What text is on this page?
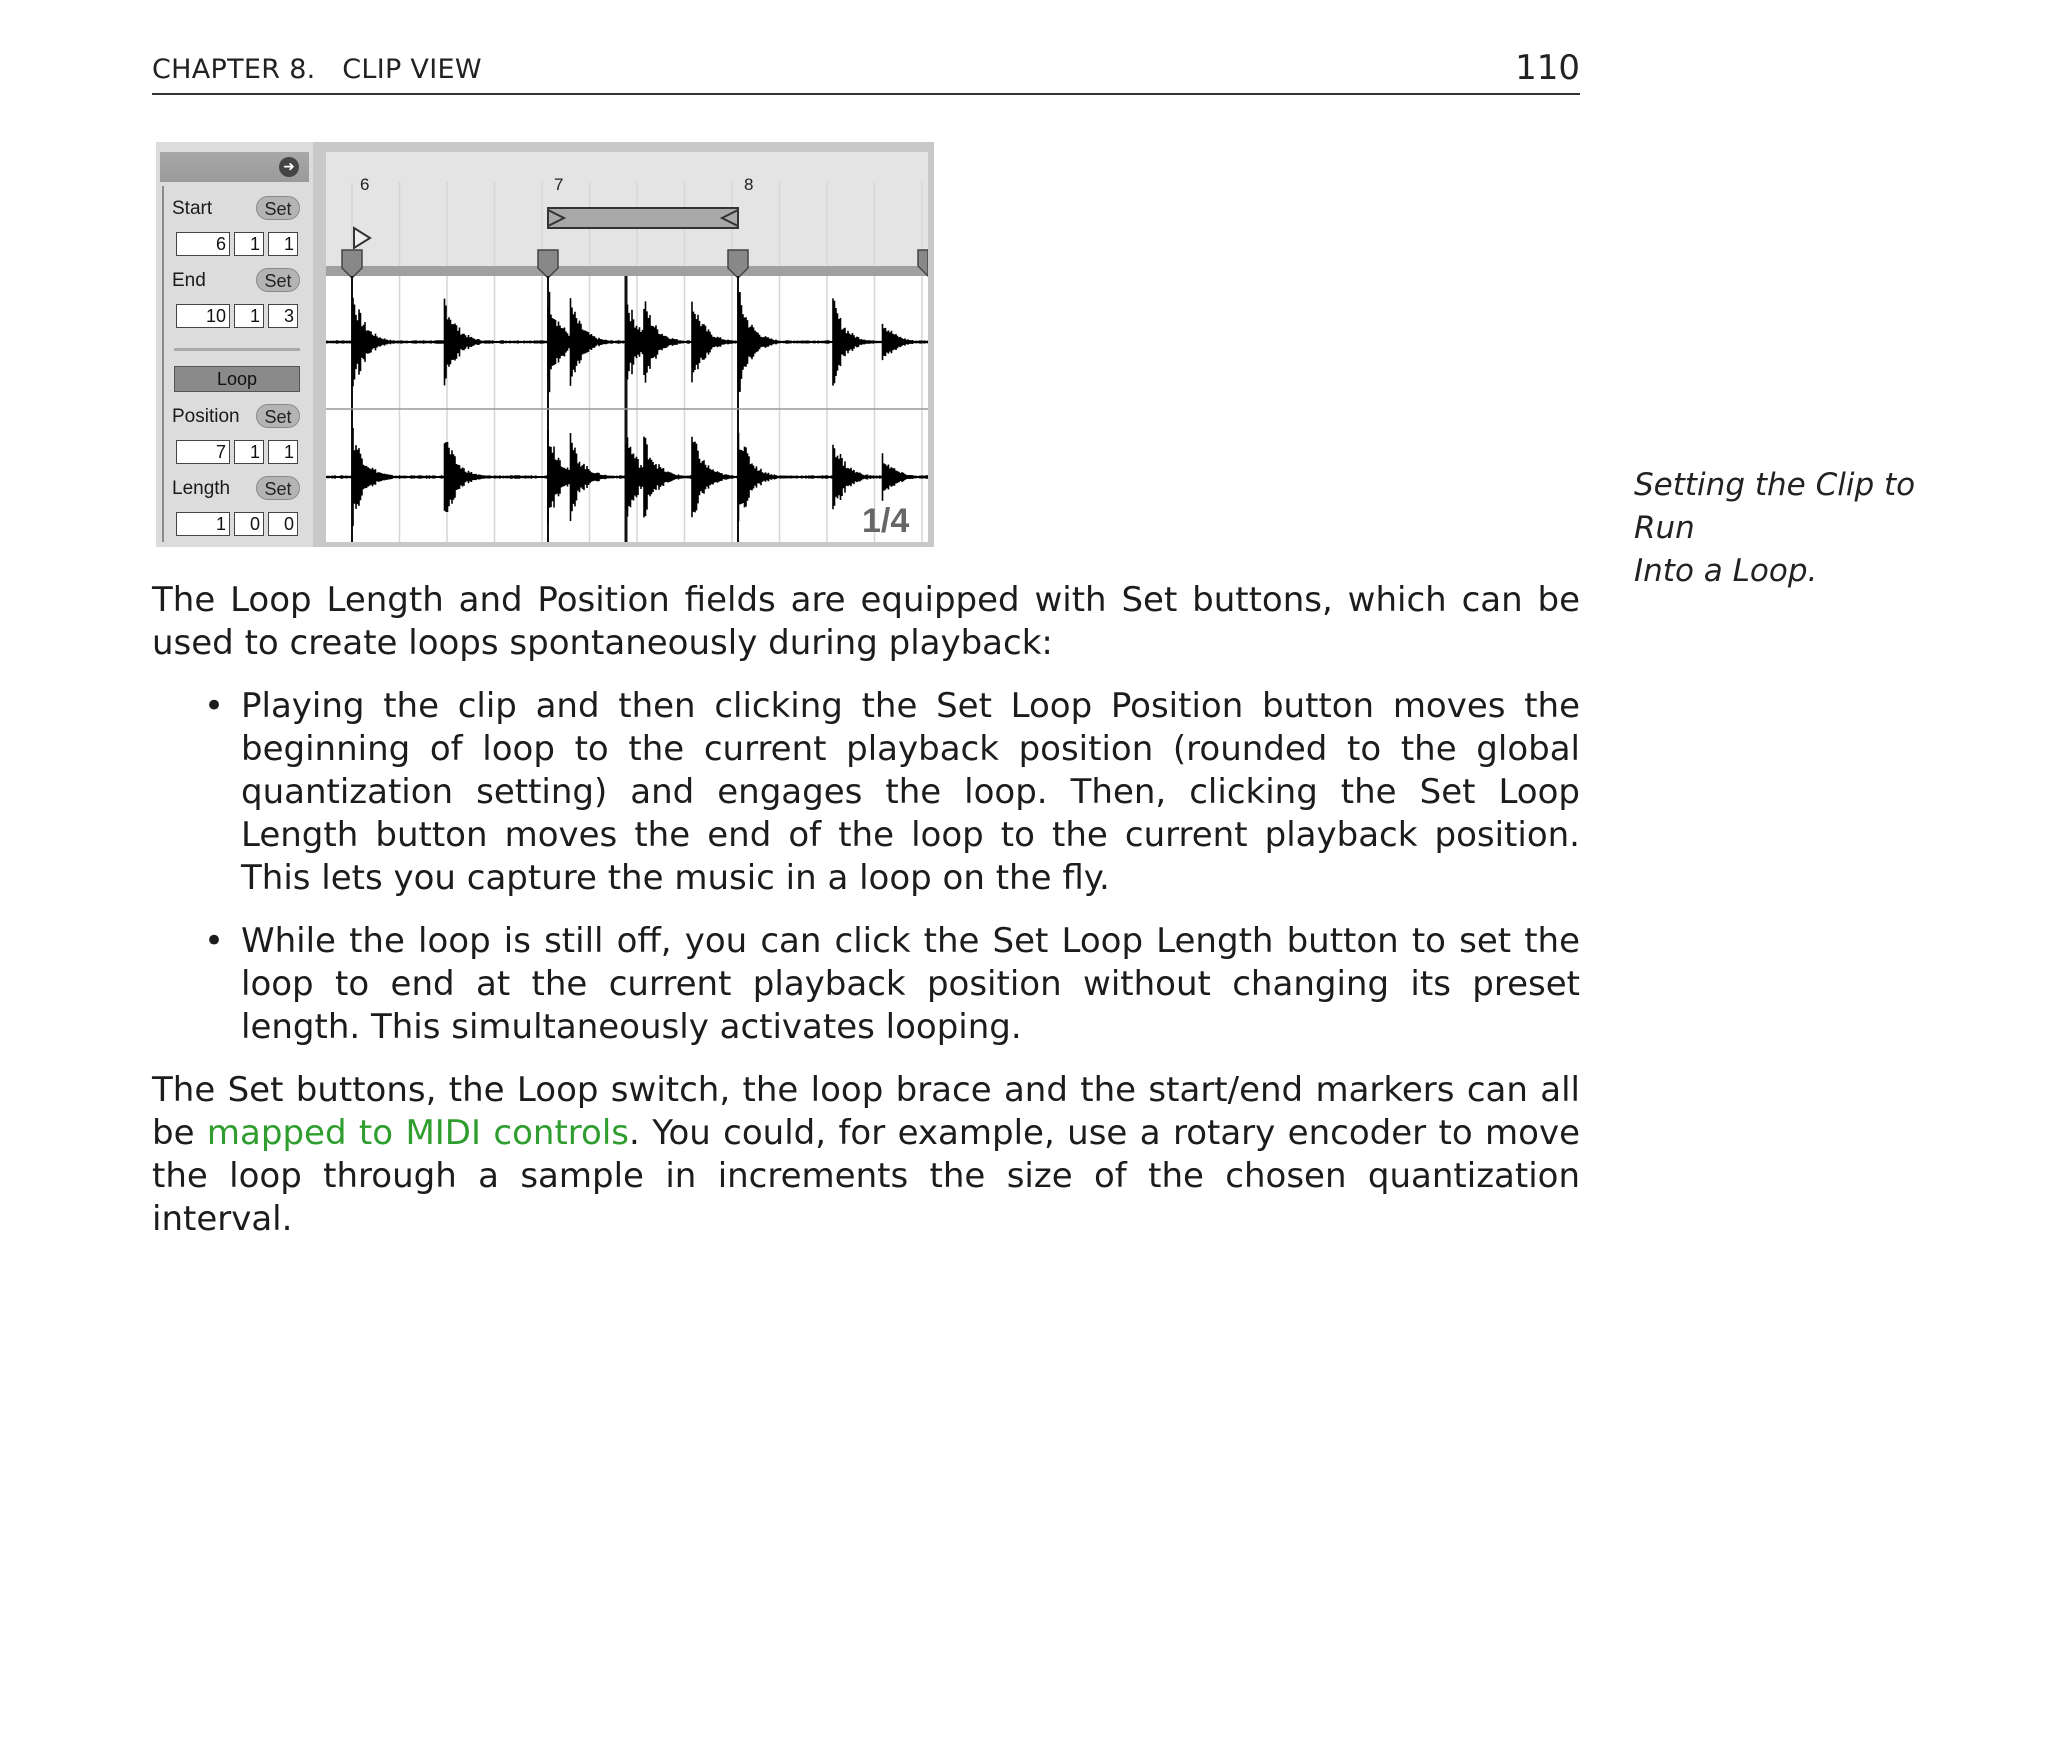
CHAPTER 8.   CLIP VIEW	110
➜
Start	Set
6	1	1
End	Set
10	1	3
Loop
Position	Set
7	1	1
Length	Set
1	0	0
6	7	8
1/4
Setting the Clip to Run
Into a Loop.
The Loop Length and Position fields are equipped with Set buttons, which can be used to create loops spontaneously during playback:
• Playing the clip and then clicking the Set Loop Position button moves the beginning of loop to the current playback position (rounded to the global quantization setting) and engages the loop. Then, clicking the Set Loop Length button moves the end of the loop to the current playback position. This lets you capture the music in a loop on the fly.
• While the loop is still off, you can click the Set Loop Length button to set the loop to end at the current playback position without changing its preset length. This simultaneously activates looping.
The Set buttons, the Loop switch, the loop brace and the start/end markers can all be mapped to MIDI controls. You could, for example, use a rotary encoder to move the loop through a sample in increments the size of the chosen quantization interval.
